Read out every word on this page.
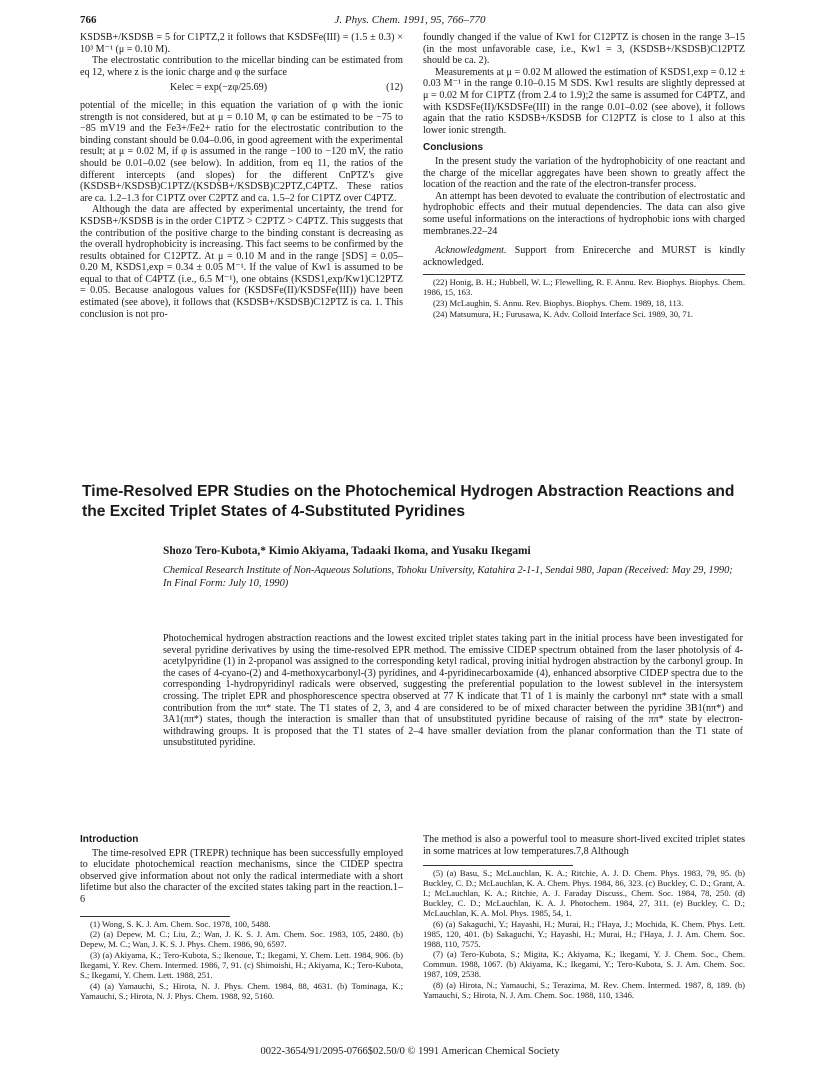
766	J. Phys. Chem. 1991, 95, 766–770

KSDSB+/KSDSB = 5 for C1PTZ,2 it follows that KSDSFe(III) = (1.5 ± 0.3) × 10³ M⁻¹ (μ = 0.10 M).

The electrostatic contribution to the micellar binding can be estimated from eq 12, where z is the ionic charge and φ the surface

Kelec = exp(−zφ/25.69)	(12)

potential of the micelle; in this equation the variation of φ with the ionic strength is not considered, but at μ = 0.10 M, φ can be estimated to be −75 to −85 mV19 and the Fe3+/Fe2+ ratio for the electrostatic contribution to the binding constant should be 0.04–0.06, in good agreement with the experimental result; at μ = 0.02 M, if φ is assumed in the range −100 to −120 mV, the ratio should be 0.01–0.02 (see below). In addition, from eq 11, the ratios of the different intercepts (and slopes) for the different CnPTZ's give (KSDSB+/KSDSB)C1PTZ/(KSDSB+/KSDSB)C2PTZ,C4PTZ. These ratios are ca. 1.2–1.3 for C1PTZ over C2PTZ and ca. 1.5–2 for C1PTZ over C4PTZ.

Although the data are affected by experimental uncertainty, the trend for KSDSB+/KSDSB is in the order C1PTZ > C2PTZ > C4PTZ. This suggests that the contribution of the positive charge to the binding constant is decreasing as the overall hydrophobicity is increasing. This fact seems to be confirmed by the results obtained for C12PTZ. At μ = 0.10 M and in the range [SDS] = 0.05–0.20 M, KSDS1,exp = 0.34 ± 0.05 M⁻¹. If the value of Kw1 is assumed to be equal to that of C4PTZ (i.e., 6.5 M⁻¹), one obtains (KSDS1,exp/Kw1)C12PTZ = 0.05. Because analogous values for (KSDSFe(II)/KSDSFe(III)) have been estimated (see above), it follows that (KSDSB+/KSDSB)C12PTZ is ca. 1. This conclusion is not pro-

foundly changed if the value of Kw1 for C12PTZ is chosen in the range 3–15 (in the most unfavorable case, i.e., Kw1 = 3, (KSDSB+/KSDSB)C12PTZ should be ca. 2).

Measurements at μ = 0.02 M allowed the estimation of KSDS1,exp = 0.12 ± 0.03 M⁻¹ in the range 0.10–0.15 M SDS. Kw1 results are slightly depressed at μ = 0.02 M for C1PTZ (from 2.4 to 1.9);2 the same is assumed for C4PTZ, and with KSDSFe(II)/KSDSFe(III) in the range 0.01–0.02 (see above), it follows again that the ratio KSDSB+/KSDSB for C12PTZ is close to 1 also at this lower ionic strength.

Conclusions

In the present study the variation of the hydrophobicity of one reactant and the charge of the micellar aggregates have been shown to greatly affect the location of the reaction and the rate of the electron-transfer process.

An attempt has been devoted to evaluate the contribution of electrostatic and hydrophobic effects and their mutual dependencies. The data can also give some useful informations on the interactions of hydrophobic ions with charged membranes.22–24

Acknowledgment. Support from Enirecerche and MURST is kindly acknowledged.

(22) Honig, B. H.; Hubbell, W. L.; Flewelling, R. F. Annu. Rev. Biophys. Biophys. Chem. 1986, 15, 163.

(23) McLaughin, S. Annu. Rev. Biophys. Biophys. Chem. 1989, 18, 113.

(24) Matsumura, H.; Furusawa, K. Adv. Colloid Interface Sci. 1989, 30, 71.

Time-Resolved EPR Studies on the Photochemical Hydrogen Abstraction Reactions and the Excited Triplet States of 4-Substituted Pyridines
Shozo Tero-Kubota,* Kimio Akiyama, Tadaaki Ikoma, and Yusaku Ikegami
Chemical Research Institute of Non-Aqueous Solutions, Tohoku University, Katahira 2-1-1, Sendai 980, Japan (Received: May 29, 1990; In Final Form: July 10, 1990)
Photochemical hydrogen abstraction reactions and the lowest excited triplet states taking part in the initial process have been investigated for several pyridine derivatives by using the time-resolved EPR method. The emissive CIDEP spectrum obtained from the laser photolysis of 4-acetylpyridine (1) in 2-propanol was assigned to the corresponding ketyl radical, proving initial hydrogen abstraction by the carbonyl group. In the cases of 4-cyano-(2) and 4-methoxycarbonyl-(3) pyridines, and 4-pyridinecarboxamide (4), enhanced absorptive CIDEP spectra due to the corresponding 1-hydropyridinyl radicals were observed, suggesting the preferential population to the lowest sublevel in the intersystem crossing. The triplet EPR and phosphorescence spectra observed at 77 K indicate that T1 of 1 is mainly the carbonyl nπ* state with a small contribution from the ππ* state. The T1 states of 2, 3, and 4 are considered to be of mixed character between the pyridine 3B1(nπ*) and 3A1(ππ*) states, though the interaction is smaller than that of unsubstituted pyridine because of raising of the ππ* state by electron-withdrawing groups. It is proposed that the T1 states of 2–4 have smaller deviation from the planar conformation than the T1 state of unsubstituted pyridine.
Introduction

The time-resolved EPR (TREPR) technique has been successfully employed to elucidate photochemical reaction mechanisms, since the CIDEP spectra observed give information about not only the radical intermediate with a short lifetime but also the character of the excited states taking part in the reaction.1–6

(1) Wong, S. K. J. Am. Chem. Soc. 1978, 100, 5488.

(2) (a) Depew, M. C.; Liu, Z.; Wan, J. K. S. J. Am. Chem. Soc. 1983, 105, 2480. (b) Depew, M. C.; Wan, J. K. S. J. Phys. Chem. 1986, 90, 6597.

(3) (a) Akiyama, K.; Tero-Kubota, S.; Ikenoue, T.; Ikegami, Y. Chem. Lett. 1984, 906. (b) Ikegami, Y. Rev. Chem. Intermed. 1986, 7, 91. (c) Shimoishi, H.; Akiyama, K.; Tero-Kubota, S.; Ikegami, Y. Chem. Lett. 1988, 251.

(4) (a) Yamauchi, S.; Hirota, N. J. Phys. Chem. 1984, 88, 4631. (b) Tominaga, K.; Yamauchi, S.; Hirota, N. J. Phys. Chem. 1988, 92, 5160.

The method is also a powerful tool to measure short-lived excited triplet states in some matrices at low temperatures.7,8 Although

(5) (a) Basu, S.; McLauchlan, K. A.; Ritchie, A. J. D. Chem. Phys. 1983, 79, 95. (b) Buckley, C. D.; McLauchlan, K. A. Chem. Phys. 1984, 86, 323. (c) Buckley, C. D.; Grant, A. I.; McLauchlan, K. A.; Ritchie, A. J. Faraday Discuss., Chem. Soc. 1984, 78, 250. (d) Buckley, C. D.; McLauchlan, K. A. J. Photochem. 1984, 27, 311. (e) Buckley, C. D.; McLauchlan, K. A. Mol. Phys. 1985, 54, 1.

(6) (a) Sakaguchi, Y.; Hayashi, H.; Murai, H.; I'Haya, J.; Mochida, K. Chem. Phys. Lett. 1985, 120, 401. (b) Sakaguchi, Y.; Hayashi, H.; Murai, H.; I'Haya, J. J. Am. Chem. Soc. 1988, 110, 7575.

(7) (a) Tero-Kubota, S.; Migita, K.; Akiyama, K.; Ikegami, Y. J. Chem. Soc., Chem. Commun. 1988, 1067. (b) Akiyama, K.; Ikegami, Y.; Tero-Kubota, S. J. Am. Chem. Soc. 1987, 109, 2538.

(8) (a) Hirota, N.; Yamauchi, S.; Terazima, M. Rev. Chem. Intermed. 1987, 8, 189. (b) Yamauchi, S.; Hirota, N. J. Am. Chem. Soc. 1988, 110, 1346.

0022-3654/91/2095-0766$02.50/0 © 1991 American Chemical Society
